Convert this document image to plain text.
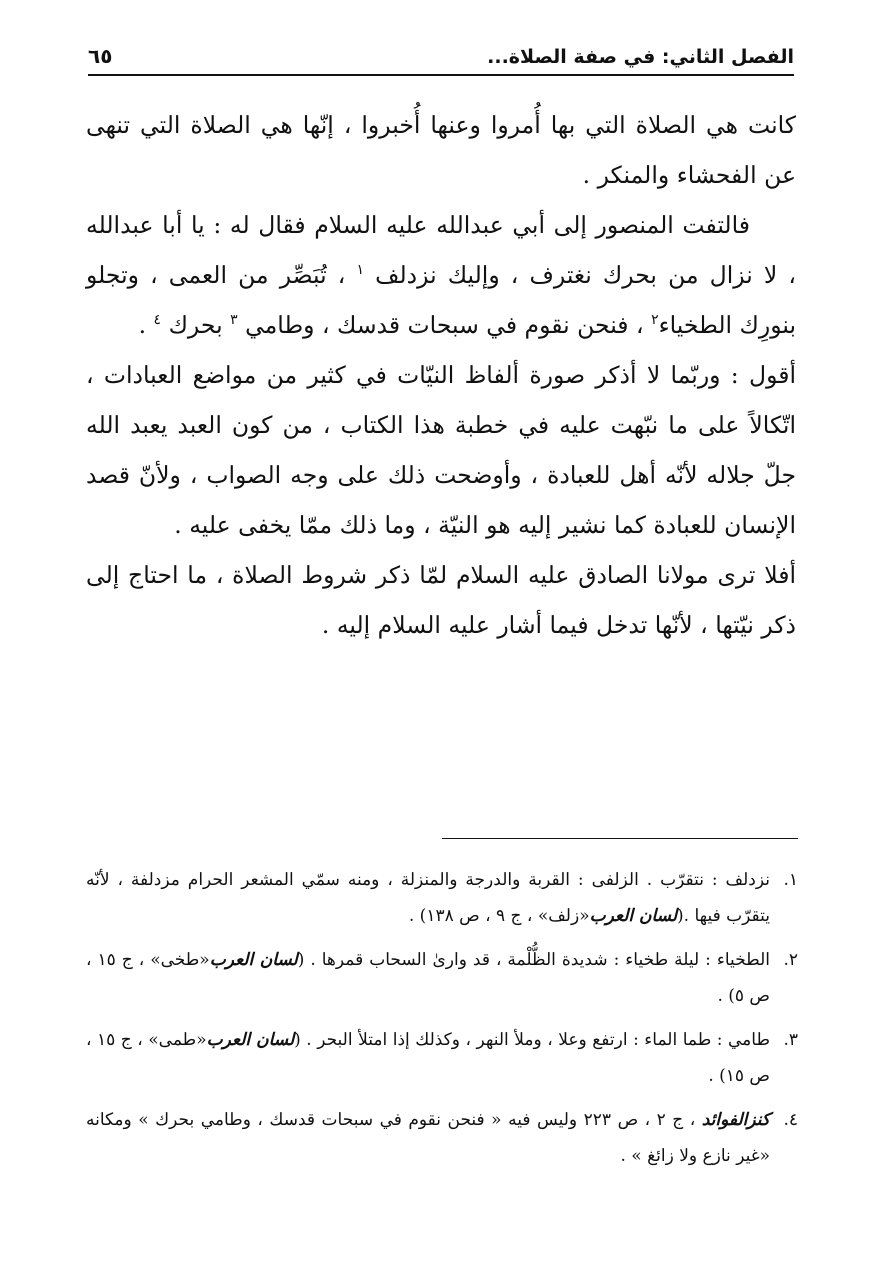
الفصل الثاني: في صفة الصلاة...
٦٥

كانت هي الصلاة التي بها أُمروا وعنها أُخبروا ، إنّها هي الصلاة التي تنهى عن الفحشاء والمنكر .

فالتفت المنصور إلى أبي عبدالله عليه السلام فقال له : يا أبا عبدالله ، لا نزال من بحرك نغترف ، وإليك نزدلف $^١$ ، تُبَصِّر من العمى ، وتجلو بنورِك الطخياء$^٢$ ، فنحن نقوم في سبحات قدسك ، وطامي $^٣$ بحرك $^٤$ .

أقول : وربّما لا أذكر صورة ألفاظ النيّات في كثير من مواضع العبادات ، اتّكالاً على ما نبّهت عليه في خطبة هذا الكتاب ، من كون العبد يعبد الله جلّ جلاله لأنّه أهل للعبادة ، وأوضحت ذلك على وجه الصواب ، ولأنّ قصد الإنسان للعبادة كما نشير إليه هو النيّة ، وما ذلك ممّا يخفى عليه .

أفلا ترى مولانا الصادق عليه السلام لمّا ذكر شروط الصلاة ، ما احتاج إلى ذكر نيّتها ، لأنّها تدخل فيما أشار عليه السلام إليه .

١.
نزدلف : نتقرّب . الزلفى : القربة والدرجة والمنزلة ، ومنه سمّي المشعر الحرام مزدلفة ، لأنّه يتقرّب فيها .(لسان العرب«زلف» ، ج ٩ ، ص ١٣٨) .

٢.
الطخياء : ليلة طخياء : شديدة الظُّلْمة ، قد وارىٰ السحاب قمرها . (لسان العرب«طخى» ، ج ١٥ ، ص ٥) .

٣.
طامي : طما الماء : ارتفع وعلا ، وملأ النهر ، وكذلك إذا امتلأ البحر . (لسان العرب«طمى» ، ج ١٥ ، ص ١٥) .

٤.
كنزالفوائد ، ج ٢ ، ص ٢٢٣ وليس فيه « فنحن نقوم في سبحات قدسك ، وطامي بحرك » ومكانه «غير نازع ولا زائغ » .
